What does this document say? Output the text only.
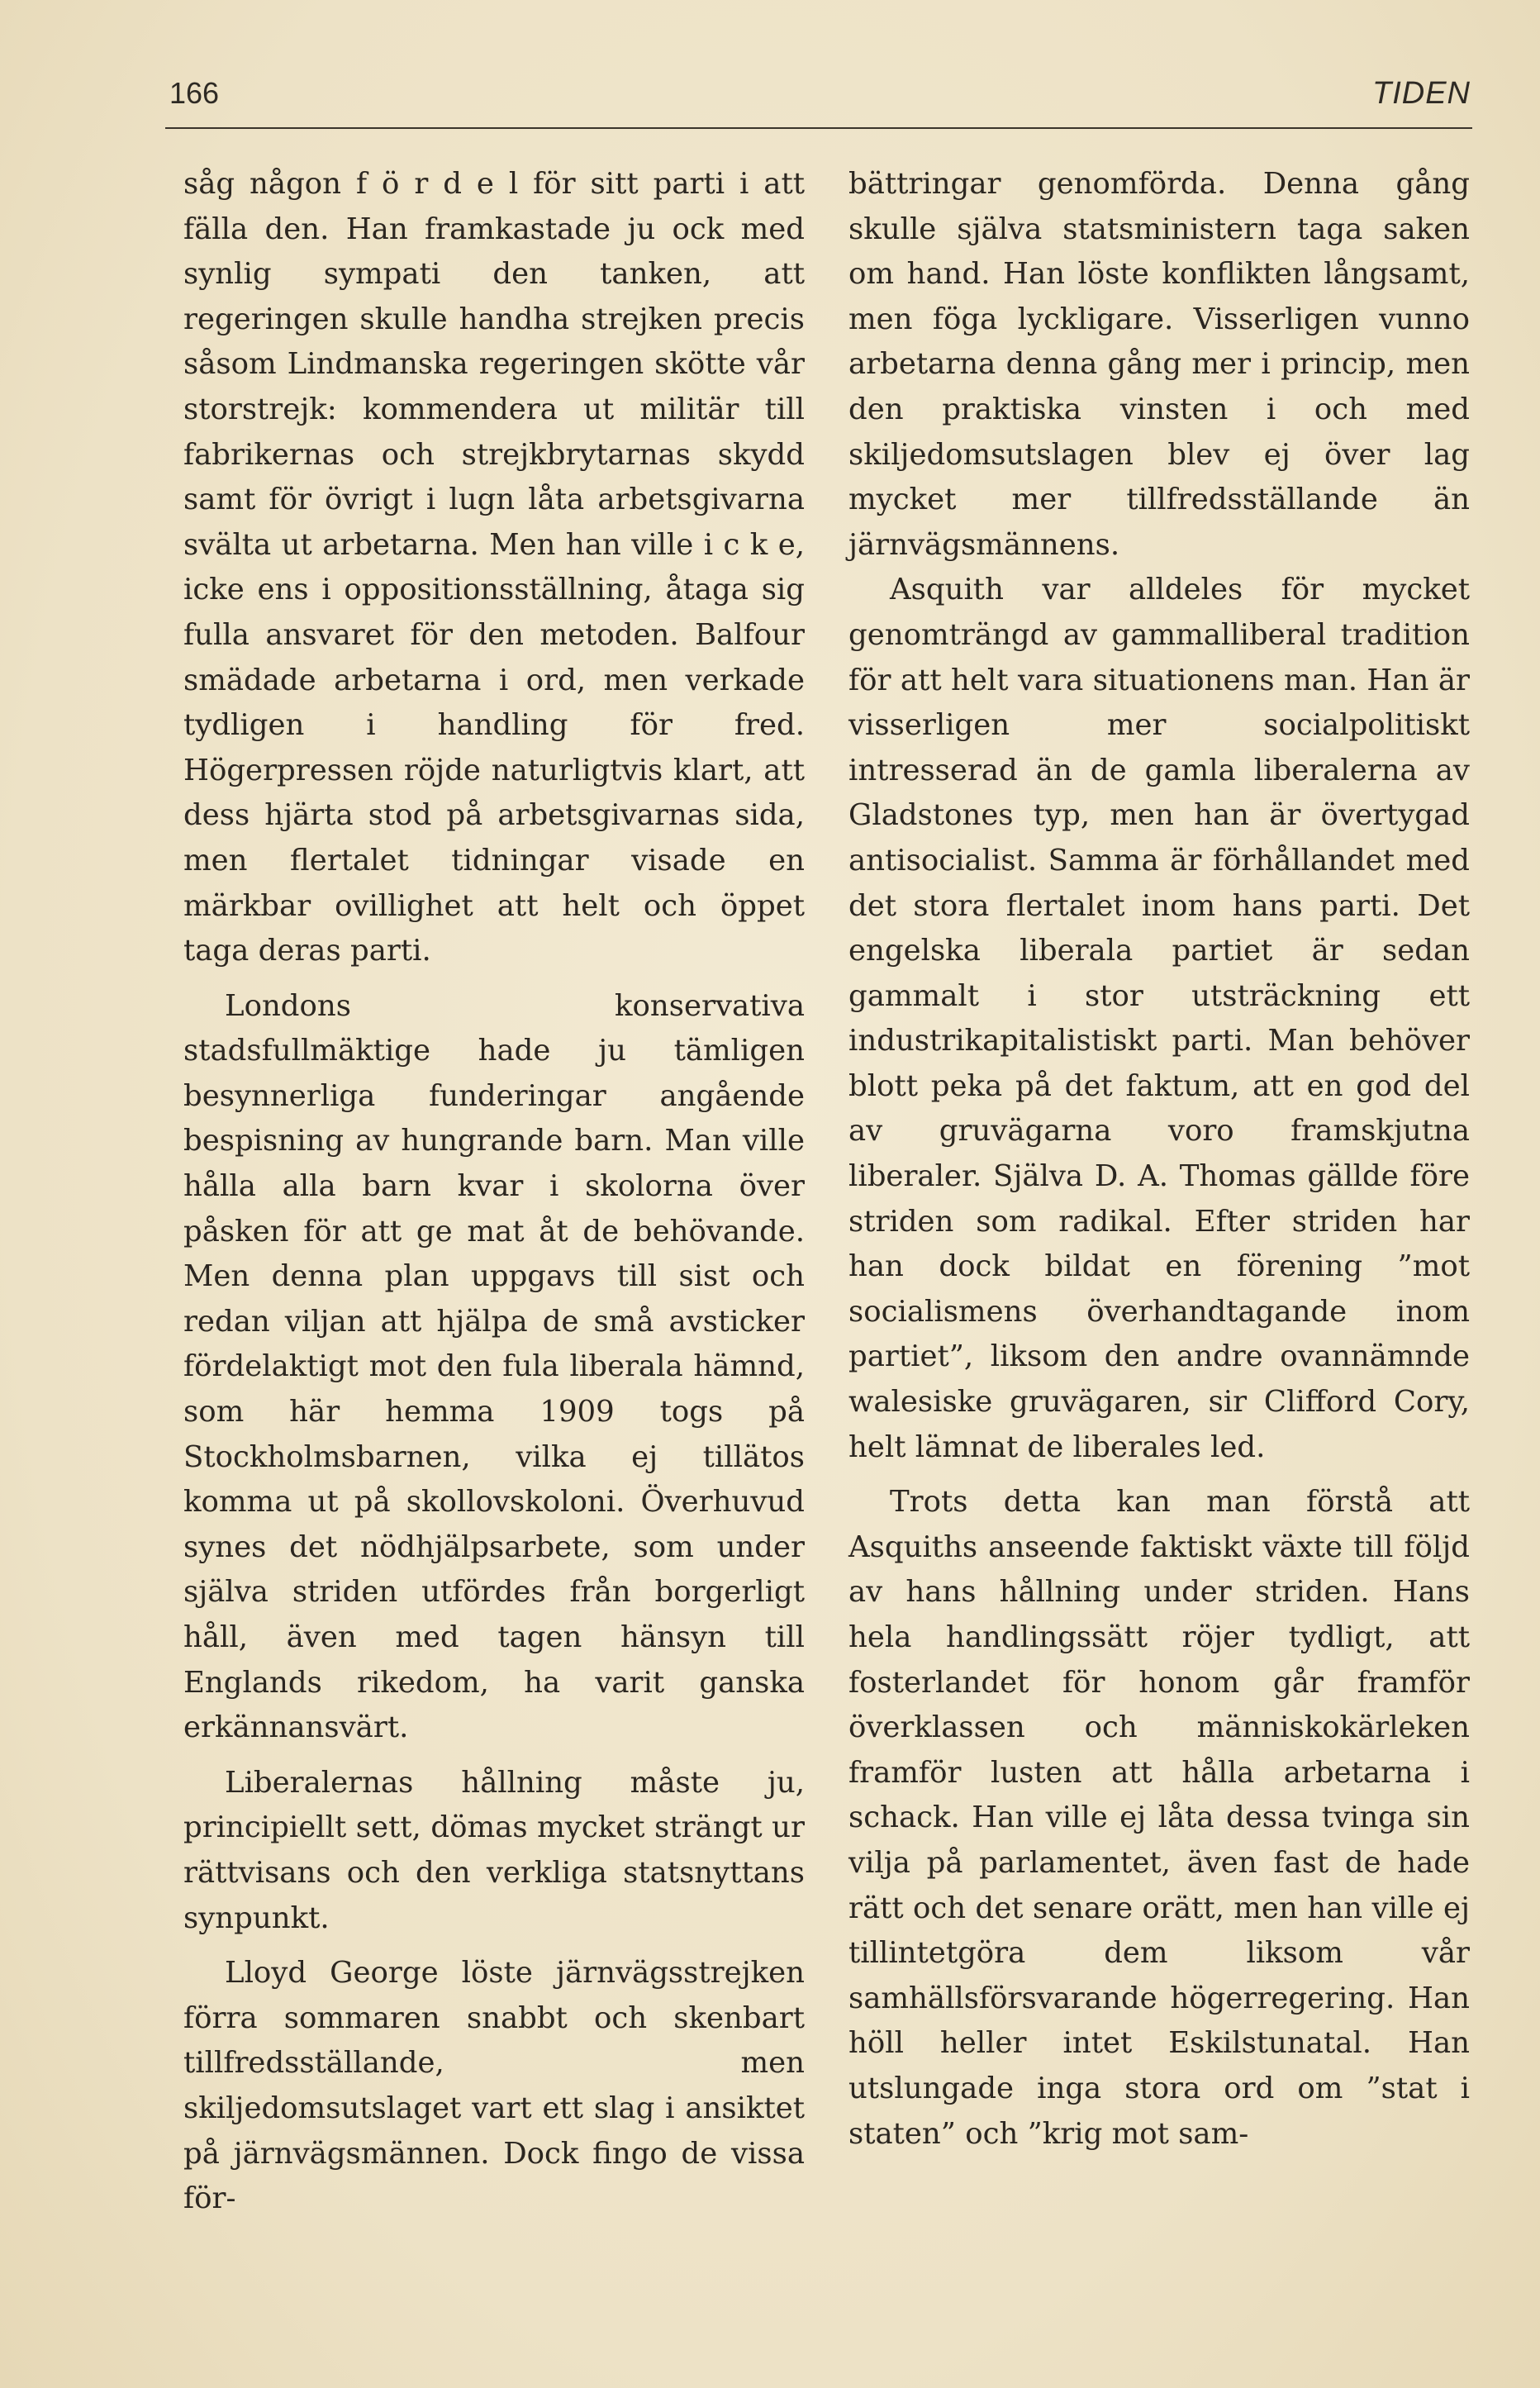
166	TIDEN

såg någon f ö r d e l för sitt parti i att fälla den. Han framkastade ju ock med synlig sympati den tanken, att regeringen skulle handha strejken precis såsom Lindmanska regeringen skötte vår storstrejk: kommendera ut militär till fabrikernas och strejkbrytarnas skydd samt för övrigt i lugn låta arbetsgivarna svälta ut arbetarna. Men han ville i c k e, icke ens i oppositionsställning, åtaga sig fulla ansvaret för den metoden. Balfour smädade arbetarna i ord, men verkade tydligen i handling för fred. Högerpressen röjde naturligtvis klart, att dess hjärta stod på arbetsgivarnas sida, men flertalet tidningar visade en märkbar ovillighet att helt och öppet taga deras parti.

Londons konservativa stadsfullmäktige hade ju tämligen besynnerliga funderingar angående bespisning av hungrande barn. Man ville hålla alla barn kvar i skolorna över påsken för att ge mat åt de behövande. Men denna plan uppgavs till sist och redan viljan att hjälpa de små avsticker fördelaktigt mot den fula liberala hämnd, som här hemma 1909 togs på Stockholmsbarnen, vilka ej tillätos komma ut på skollovskoloni. Överhuvud synes det nödhjälpsarbete, som under själva striden utfördes från borgerligt håll, även med tagen hänsyn till Englands rikedom, ha varit ganska erkännansvärt.

Liberalernas hållning måste ju, principiellt sett, dömas mycket strängt ur rättvisans och den verkliga statsnyttans synpunkt.

Lloyd George löste järnvägsstrejken förra sommaren snabbt och skenbart tillfredsställande, men skiljedomsutslaget vart ett slag i ansiktet på järnvägsmännen. Dock fingo de vissa för-

bättringar genomförda. Denna gång skulle själva statsministern taga saken om hand. Han löste konflikten långsamt, men föga lyckligare. Visserligen vunno arbetarna denna gång mer i princip, men den praktiska vinsten i och med skiljedomsutslagen blev ej över lag mycket mer tillfredsställande än järnvägsmännens.

Asquith var alldeles för mycket genomträngd av gammalliberal tradition för att helt vara situationens man. Han är visserligen mer socialpolitiskt intresserad än de gamla liberalerna av Gladstones typ, men han är övertygad antisocialist. Samma är förhållandet med det stora flertalet inom hans parti. Det engelska liberala partiet är sedan gammalt i stor utsträckning ett industrikapitalistiskt parti. Man behöver blott peka på det faktum, att en god del av gruvägarna voro framskjutna liberaler. Själva D. A. Thomas gällde före striden som radikal. Efter striden har han dock bildat en förening ”mot socialismens överhandtagande inom partiet”, liksom den andre ovannämnde walesiske gruvägaren, sir Clifford Cory, helt lämnat de liberales led.

Trots detta kan man förstå att Asquiths anseende faktiskt växte till följd av hans hållning under striden. Hans hela handlingssätt röjer tydligt, att fosterlandet för honom går framför överklassen och människokärleken framför lusten att hålla arbetarna i schack. Han ville ej låta dessa tvinga sin vilja på parlamentet, även fast de hade rätt och det senare orätt, men han ville ej tillintetgöra dem liksom vår samhällsförsvarande högerregering. Han höll heller intet Eskilstunatal. Han utslungade inga stora ord om ”stat i staten” och ”krig mot sam-
